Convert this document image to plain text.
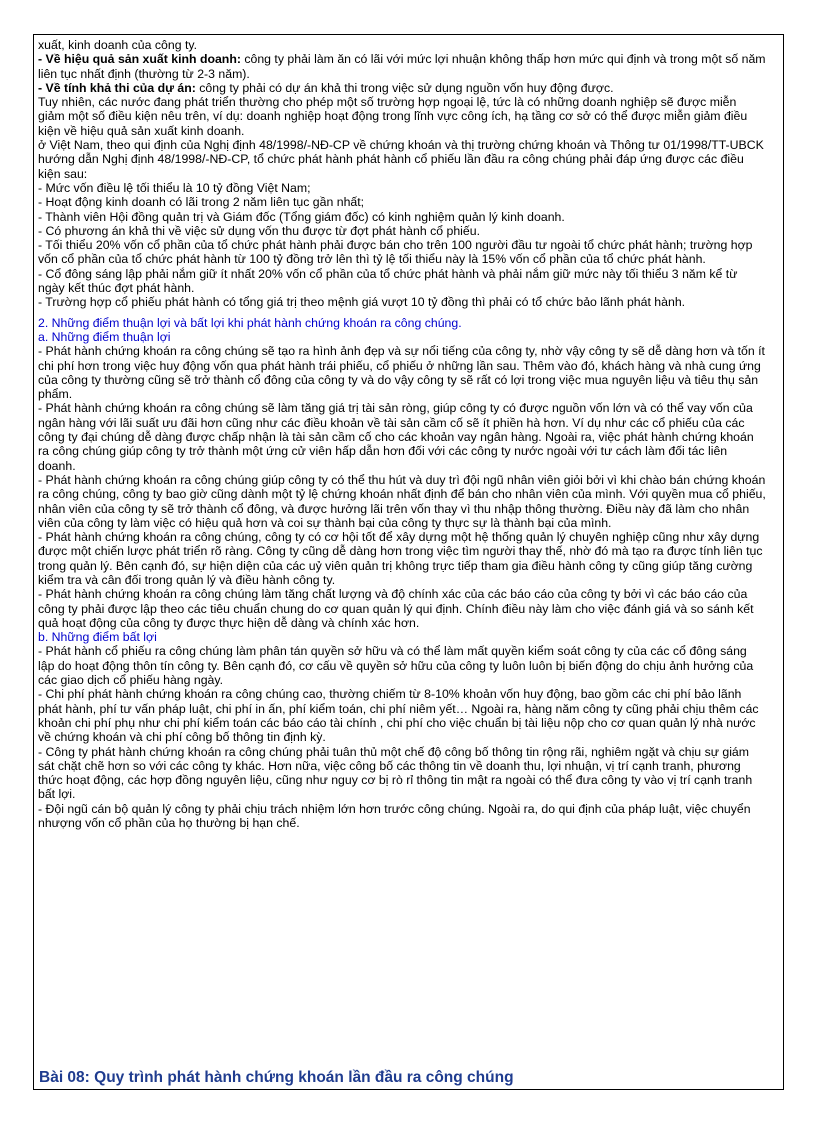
xuất, kinh doanh của công ty.

- Về hiệu quả sản xuất kinh doanh: công ty phải làm ăn có lãi với mức lợi nhuận không thấp hơn mức qui định và trong một số năm liên tục nhất định (thường từ 2-3 năm).

- Về tính khả thi của dự án: công ty phải có dự án khả thi trong việc sử dụng nguồn vốn huy động được.

Tuy nhiên, các nước đang phát triển thường cho phép một số trường hợp ngoại lệ, tức là có những doanh nghiệp sẽ được miễn giảm một số điều kiện nêu trên, ví dụ: doanh nghiệp hoạt động trong lĩnh vực công ích, hạ tầng cơ sở có thể được miễn giảm điều kiện về hiệu quả sản xuất kinh doanh.

ở Việt Nam, theo qui định của Nghị định 48/1998/-NĐ-CP về chứng khoán và thị trường chứng khoán và Thông tư 01/1998/TT-UBCK hướng dẫn Nghị định 48/1998/-NĐ-CP, tổ chức phát hành phát hành cổ phiếu lần đầu ra công chúng phải đáp ứng được các điều kiện sau:

- Mức vốn điều lệ tối thiểu là 10 tỷ đồng Việt Nam;

- Hoạt động kinh doanh có lãi trong 2 năm liên tục gần nhất;

- Thành viên Hội đồng quản trị và Giám đốc (Tổng giám đốc) có kinh nghiệm quản lý kinh doanh.

- Có phương án khả thi về việc sử dụng vốn thu được từ đợt phát hành cổ phiếu.

- Tối thiểu 20% vốn cổ phần của tổ chức phát hành phải được bán cho trên 100 người đầu tư ngoài tổ chức phát hành; trường hợp vốn cổ phần của tổ chức phát hành từ 100 tỷ đồng trở lên thì tỷ lệ tối thiểu này là 15% vốn cổ phần của tổ chức phát hành.

- Cổ đông sáng lập phải nắm giữ ít nhất 20% vốn cổ phần của tổ chức phát hành và phải nắm giữ mức này tối thiểu 3 năm kể từ ngày kết thúc đợt phát hành.

- Trường hợp cổ phiếu phát hành có tổng giá trị theo mệnh giá vượt 10 tỷ đồng thì phải có tổ chức bảo lãnh phát hành.

2. Những điểm thuận lợi và bất lợi khi phát hành chứng khoán ra công chúng.

a. Những điểm thuận lợi

- Phát hành chứng khoán ra công chúng sẽ tạo ra hình ảnh đẹp và sự nổi tiếng của công ty, nhờ vậy công ty sẽ dễ dàng hơn và tốn ít chi phí hơn trong việc huy động vốn qua phát hành trái phiếu, cổ phiếu ở những lần sau. Thêm vào đó, khách hàng và nhà cung ứng của công ty thường cũng sẽ trở thành cổ đông của công ty và do vậy công ty sẽ rất có lợi trong việc mua nguyên liệu và tiêu thụ sản phẩm.

- Phát hành chứng khoán ra công chúng sẽ làm tăng giá trị tài sản ròng, giúp công ty có được nguồn vốn lớn và có thể vay vốn của ngân hàng với lãi suất ưu đãi hơn cũng như các điều khoản về tài sản cầm cố sẽ ít phiền hà hơn. Ví dụ như các cổ phiếu của các công ty đại chúng dễ dàng được chấp nhận là tài sản cầm cố cho các khoản vay ngân hàng. Ngoài ra, việc phát hành chứng khoán ra công chúng giúp công ty trở thành một ứng cử viên hấp dẫn hơn đối với các công ty nước ngoài với tư cách làm đối tác liên doanh.

- Phát hành chứng khoán ra công chúng giúp công ty có thể thu hút và duy trì đội ngũ nhân viên giỏi bởi vì khi chào bán chứng khoán ra công chúng, công ty bao giờ cũng dành một tỷ lệ chứng khoán nhất định để bán cho nhân viên của mình. Với quyền mua cổ phiếu, nhân viên của công ty sẽ trở thành cổ đông, và được hưởng lãi trên vốn thay vì thu nhập thông thường. Điều này đã làm cho nhân viên của công ty làm việc có hiệu quả hơn và coi sự thành bại của công ty thực sự là thành bại của mình.

- Phát hành chứng khoán ra công chúng, công ty có cơ hội tốt để xây dựng một hệ thống quản lý chuyên nghiệp cũng như xây dựng được một chiến lược phát triển rõ ràng. Công ty cũng dễ dàng hơn trong việc tìm người thay thế, nhờ đó mà tạo ra được tính liên tục trong quản lý. Bên cạnh đó, sự hiện diện của các uỷ viên quản trị không trực tiếp tham gia điều hành công ty cũng giúp tăng cường kiểm tra và cân đối trong quản lý và điều hành công ty.

- Phát hành chứng khoán ra công chúng làm tăng chất lượng và độ chính xác của các báo cáo của công ty bởi vì các báo cáo của công ty phải được lập theo các tiêu chuẩn chung do cơ quan quản lý qui định. Chính điều này làm cho việc đánh giá và so sánh kết quả hoạt động của công ty được thực hiện dễ dàng và chính xác hơn.

b. Những điểm bất lợi

- Phát hành cổ phiếu ra công chúng làm phân tán quyền sở hữu và có thể làm mất quyền kiểm soát công ty của các cổ đông sáng lập do hoạt động thôn tín công ty. Bên cạnh đó, cơ cấu về quyền sở hữu của công ty luôn luôn bị biến động do chịu ảnh hưởng của các giao dịch cổ phiếu hàng ngày.

- Chi phí phát hành chứng khoán ra công chúng cao, thường chiếm từ 8-10% khoản vốn huy động, bao gồm các chi phí bảo lãnh phát hành, phí tư vấn pháp luật, chi phí in ấn, phí kiểm toán, chi phí niêm yết… Ngoài ra, hàng năm công ty cũng phải chịu thêm các khoản chi phí phụ như chi phí kiểm toán các báo cáo tài chính , chi phí cho việc chuẩn bị tài liệu nộp cho cơ quan quản lý nhà nước về chứng khoán và chi phí công bố thông tin định kỳ.

- Công ty phát hành chứng khoán ra công chúng phải tuân thủ một chế độ công bố thông tin rộng rãi, nghiêm ngặt và chịu sự giám sát chặt chẽ hơn so với các công ty khác. Hơn nữa, việc công bố các thông tin về doanh thu, lợi nhuận, vị trí cạnh tranh, phương thức hoạt động, các hợp đồng nguyên liệu, cũng như nguy cơ bị rò rỉ thông tin mật ra ngoài có thể đưa công ty vào vị trí cạnh tranh bất lợi.

- Đội ngũ cán bộ quản lý công ty phải chịu trách nhiệm lớn hơn trước công chúng. Ngoài ra, do qui định của pháp luật, việc chuyển nhượng vốn cổ phần của họ thường bị hạn chế.

Bài 08: Quy trình phát hành chứng khoán lần đầu ra công chúng
